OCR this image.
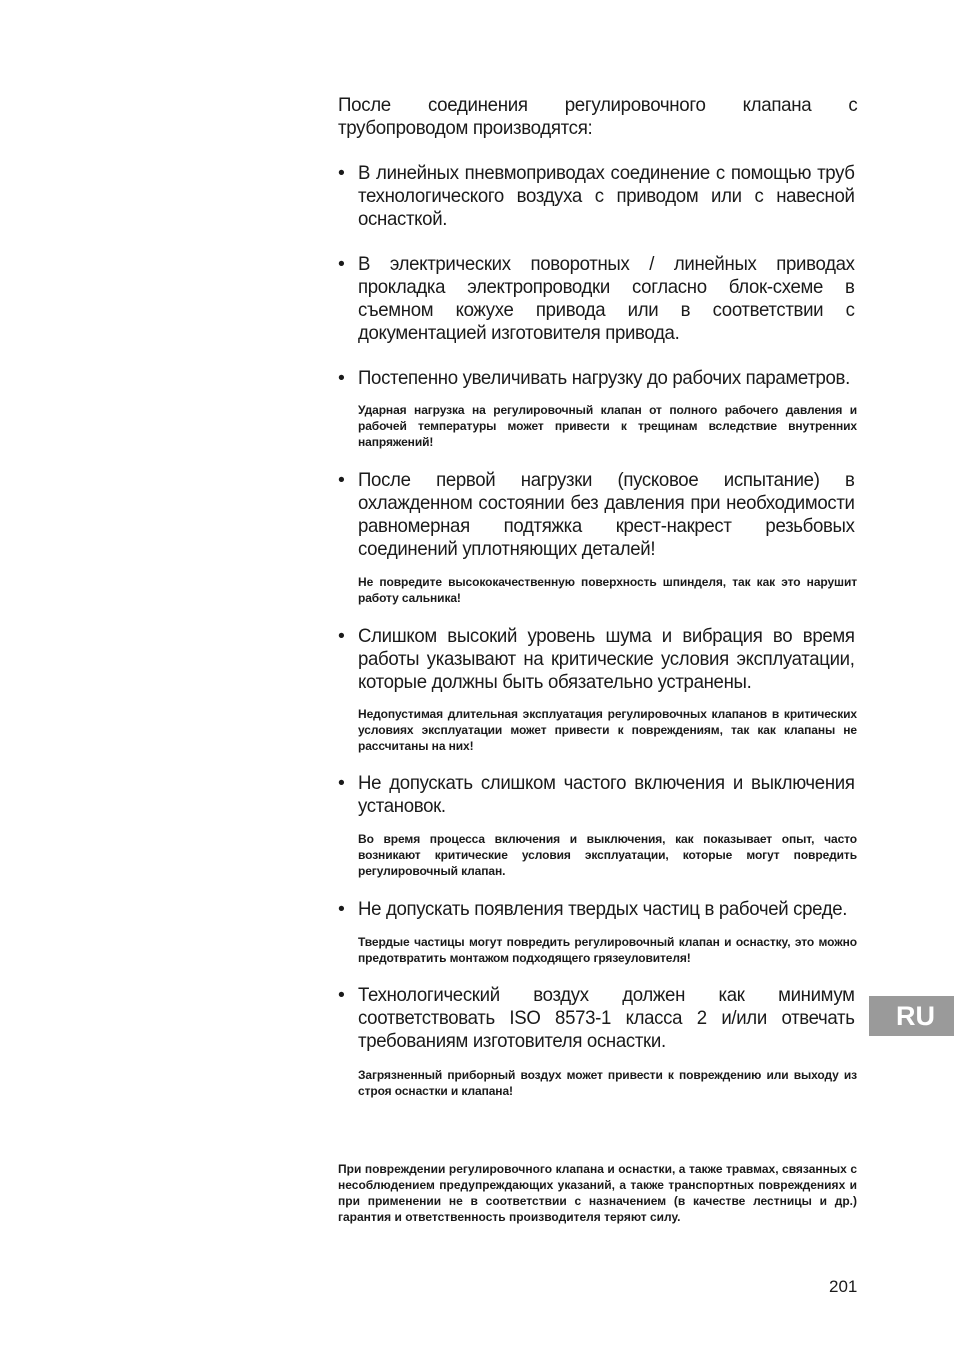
После соединения регулировочного клапана с трубопроводом производятся:

• В линейных пневмоприводах соединение с помощью труб технологического воздуха с приводом или с навесной оснасткой.

• В электрических поворотных / линейных приводах прокладка электропроводки согласно блок-схеме в съемном кожухе привода или в соответствии с документацией изготовителя привода.

• Постепенно увеличивать нагрузку до рабочих параметров.

Ударная нагрузка на регулировочный клапан от полного рабочего давления и рабочей температуры может привести к трещинам вследствие внутренних напряжений!

• После первой нагрузки (пусковое испытание) в охлажденном состоянии без давления при необходимости равномерная подтяжка крест-накрест резьбовых соединений уплотняющих деталей!

Не повредите высококачественную поверхность шпинделя, так как это нарушит работу сальника!

• Слишком высокий уровень шума и вибрация во время работы указывают на критические условия эксплуатации, которые должны быть обязательно устранены.

Недопустимая длительная эксплуатация регулировочных клапанов в критических условиях эксплуатации может привести к повреждениям, так как клапаны не рассчитаны на них!

• Не допускать слишком частого включения и выключения установок.

Во время процесса включения и выключения, как показывает опыт, часто возникают критические условия эксплуатации, которые могут повредить регулировочный клапан.

• Не допускать появления твердых частиц в рабочей среде.

Твердые частицы могут повредить регулировочный клапан и оснастку, это можно предотвратить монтажом подходящего грязеуловителя!

• Технологический воздух должен как минимум соответствовать ISO 8573-1 класса 2 и/или отвечать требованиям изготовителя оснастки.

Загрязненный приборный воздух может привести к повреждению или выходу из строя оснастки и клапана!

При повреждении регулировочного клапана и оснастки, а также травмах, связанных с несоблюдением предупреждающих указаний, а также транспортных повреждениях и при применении не в соответствии с назначением (в качестве лестницы и др.) гарантия и ответственность производителя теряют силу.

RU
201
